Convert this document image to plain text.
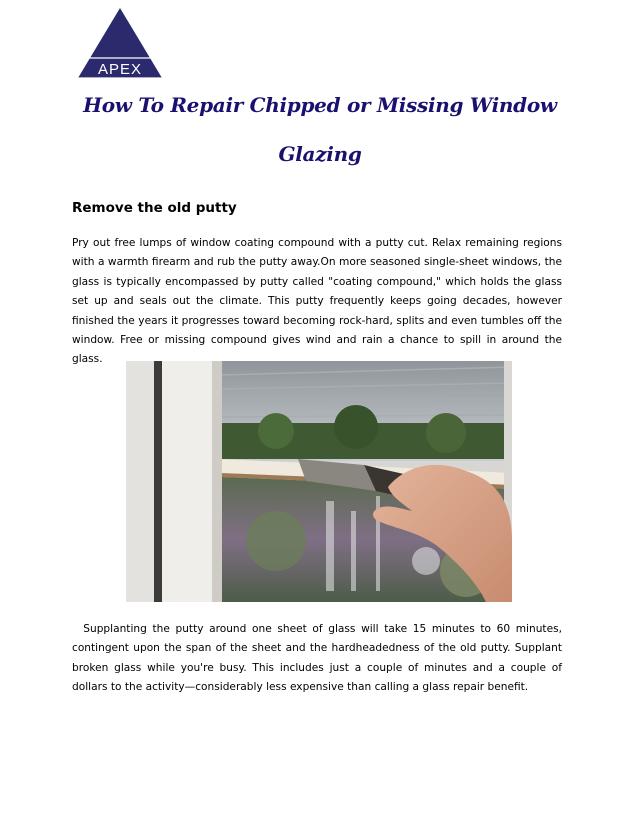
APEX
How To Repair Chipped or Missing Window
Glazing
Remove the old putty

Pry out free lumps of window coating compound with a putty cut. Relax remaining regions with a warmth firearm and rub the putty away.On more seasoned single-sheet windows, the glass is typically encompassed by putty called "coating compound," which holds the glass set up and seals out the climate. This putty frequently keeps going decades, however finished the years it progresses toward becoming rock-hard, splits and even tumbles off the window. Free or missing compound gives wind and rain a chance to spill in around the glass.

Supplanting the putty around one sheet of glass will take 15 minutes to 60 minutes, contingent upon the span of the sheet and the hardheadedness of the old putty. Supplant broken glass while you're busy. This includes just a couple of minutes and a couple of dollars to the activity—considerably less expensive than calling a glass repair benefit.
